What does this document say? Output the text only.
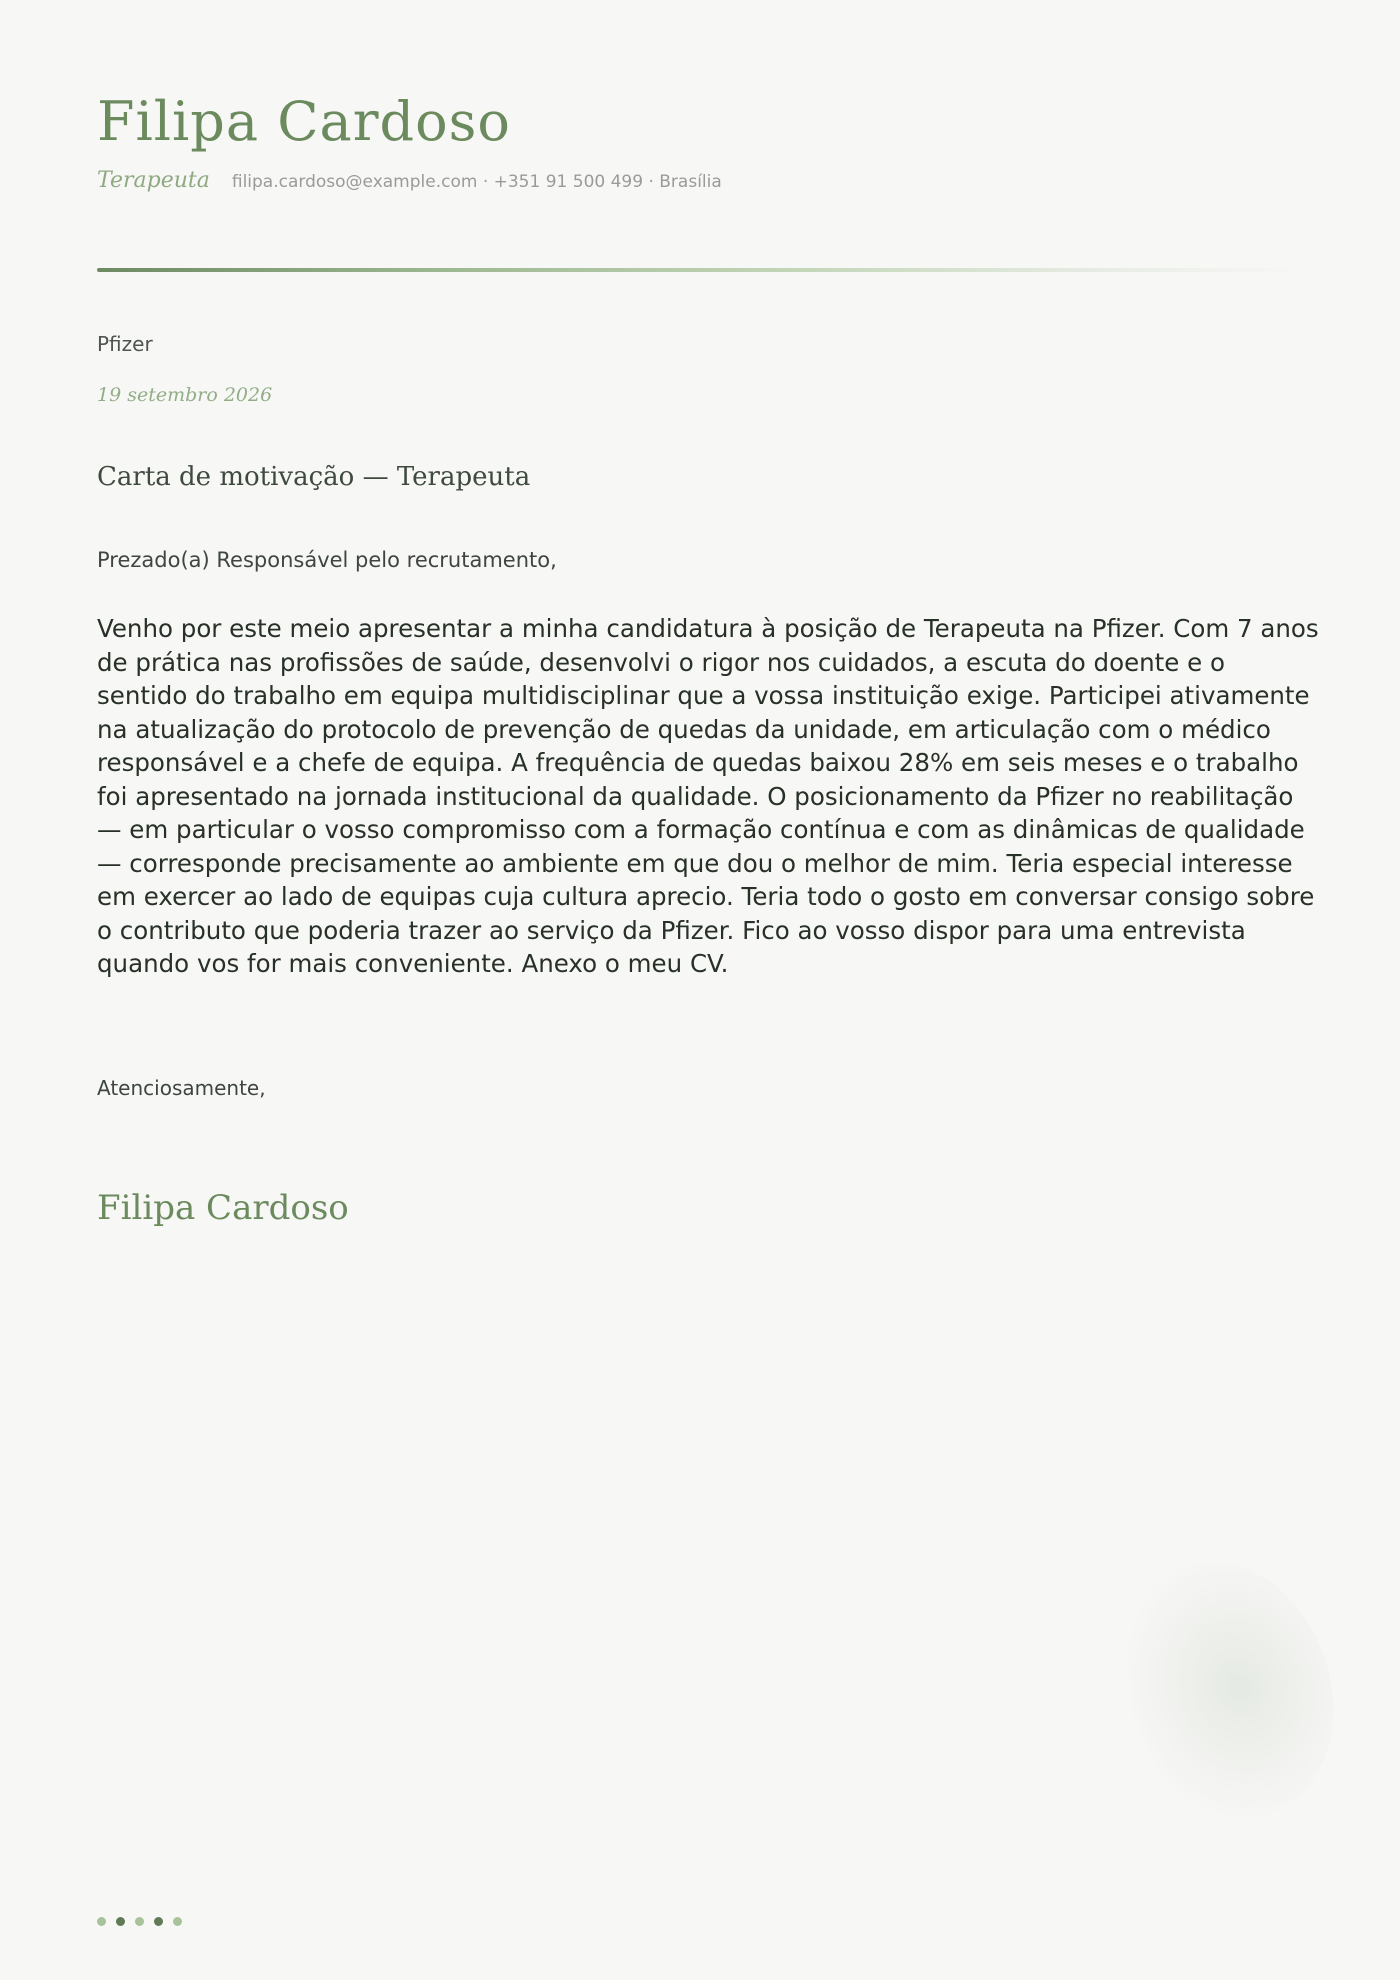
Filipa Cardoso
Terapeuta filipa.cardoso@example.com · +351 91 500 499 · Brasília
Pfizer
19 setembro 2026
Carta de motivação — Terapeuta
Prezado(a) Responsável pelo recrutamento,

Venho por este meio apresentar a minha candidatura à posição de Terapeuta na Pfizer. Com 7 anos de prática nas profissões de saúde, desenvolvi o rigor nos cuidados, a escuta do doente e o sentido do trabalho em equipa multidisciplinar que a vossa instituição exige. Participei ativamente na atualização do protocolo de prevenção de quedas da unidade, em articulação com o médico responsável e a chefe de equipa. A frequência de quedas baixou 28% em seis meses e o trabalho foi apresentado na jornada institucional da qualidade. O posicionamento da Pfizer no reabilitação — em particular o vosso compromisso com a formação contínua e com as dinâmicas de qualidade — corresponde precisamente ao ambiente em que dou o melhor de mim. Teria especial interesse em exercer ao lado de equipas cuja cultura aprecio. Teria todo o gosto em conversar consigo sobre o contributo que poderia trazer ao serviço da Pfizer. Fico ao vosso dispor para uma entrevista quando vos for mais conveniente. Anexo o meu CV.

Atenciosamente,
Filipa Cardoso
